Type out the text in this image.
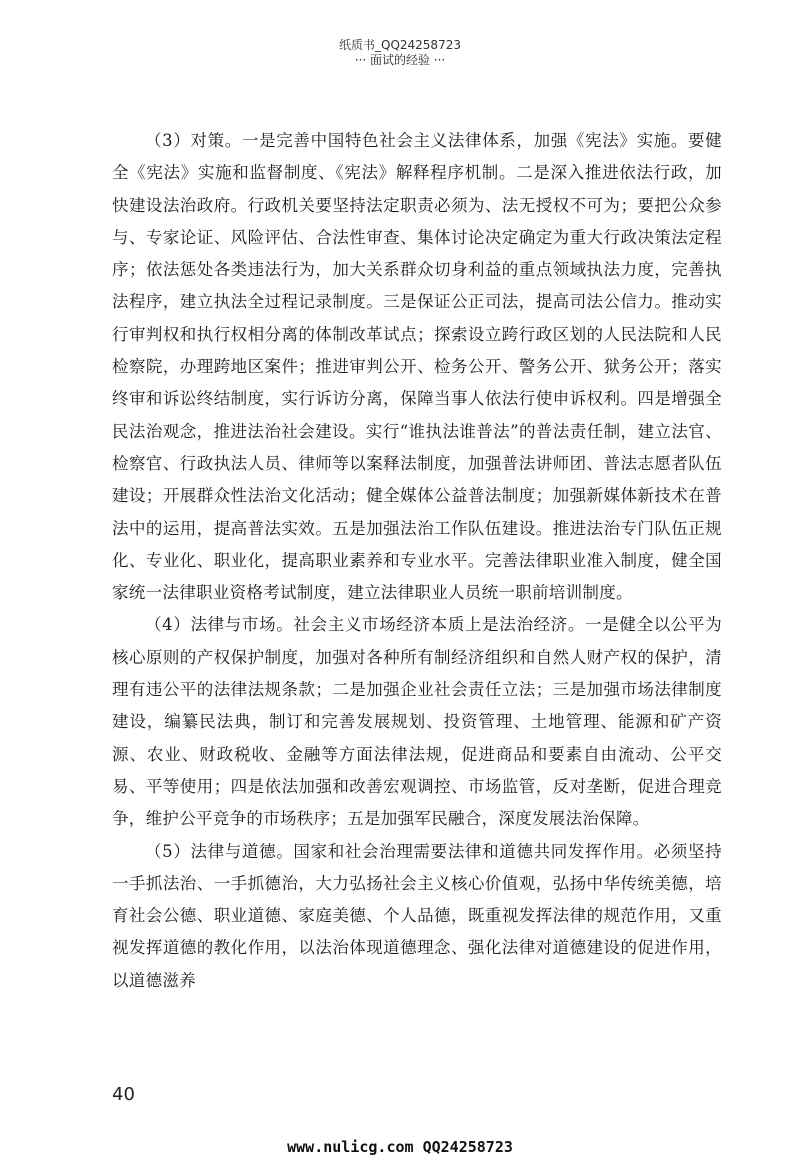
纸质书_QQ24258723
··· 面试的经验 ···

（3）对策。一是完善中国特色社会主义法律体系，加强《宪法》实施。要健全《宪法》实施和监督制度、《宪法》解释程序机制。二是深入推进依法行政，加快建设法治政府。行政机关要坚持法定职责必须为、法无授权不可为；要把公众参与、专家论证、风险评估、合法性审查、集体讨论决定确定为重大行政决策法定程序；依法惩处各类违法行为，加大关系群众切身利益的重点领域执法力度，完善执法程序，建立执法全过程记录制度。三是保证公正司法，提高司法公信力。推动实行审判权和执行权相分离的体制改革试点；探索设立跨行政区划的人民法院和人民检察院，办理跨地区案件；推进审判公开、检务公开、警务公开、狱务公开；落实终审和诉讼终结制度，实行诉访分离，保障当事人依法行使申诉权利。四是增强全民法治观念，推进法治社会建设。实行“谁执法谁普法”的普法责任制，建立法官、检察官、行政执法人员、律师等以案释法制度，加强普法讲师团、普法志愿者队伍建设；开展群众性法治文化活动；健全媒体公益普法制度；加强新媒体新技术在普法中的运用，提高普法实效。五是加强法治工作队伍建设。推进法治专门队伍正规化、专业化、职业化，提高职业素养和专业水平。完善法律职业准入制度，健全国家统一法律职业资格考试制度，建立法律职业人员统一职前培训制度。

（4）法律与市场。社会主义市场经济本质上是法治经济。一是健全以公平为核心原则的产权保护制度，加强对各种所有制经济组织和自然人财产权的保护，清理有违公平的法律法规条款；二是加强企业社会责任立法；三是加强市场法律制度建设，编纂民法典，制订和完善发展规划、投资管理、土地管理、能源和矿产资源、农业、财政税收、金融等方面法律法规，促进商品和要素自由流动、公平交易、平等使用；四是依法加强和改善宏观调控、市场监管，反对垄断，促进合理竞争，维护公平竞争的市场秩序；五是加强军民融合，深度发展法治保障。

（5）法律与道德。国家和社会治理需要法律和道德共同发挥作用。必须坚持一手抓法治、一手抓德治，大力弘扬社会主义核心价值观，弘扬中华传统美德，培育社会公德、职业道德、家庭美德、个人品德，既重视发挥法律的规范作用，又重视发挥道德的教化作用，以法治体现道德理念、强化法律对道德建设的促进作用，以道德滋养

40
www.nulicg.com QQ24258723
